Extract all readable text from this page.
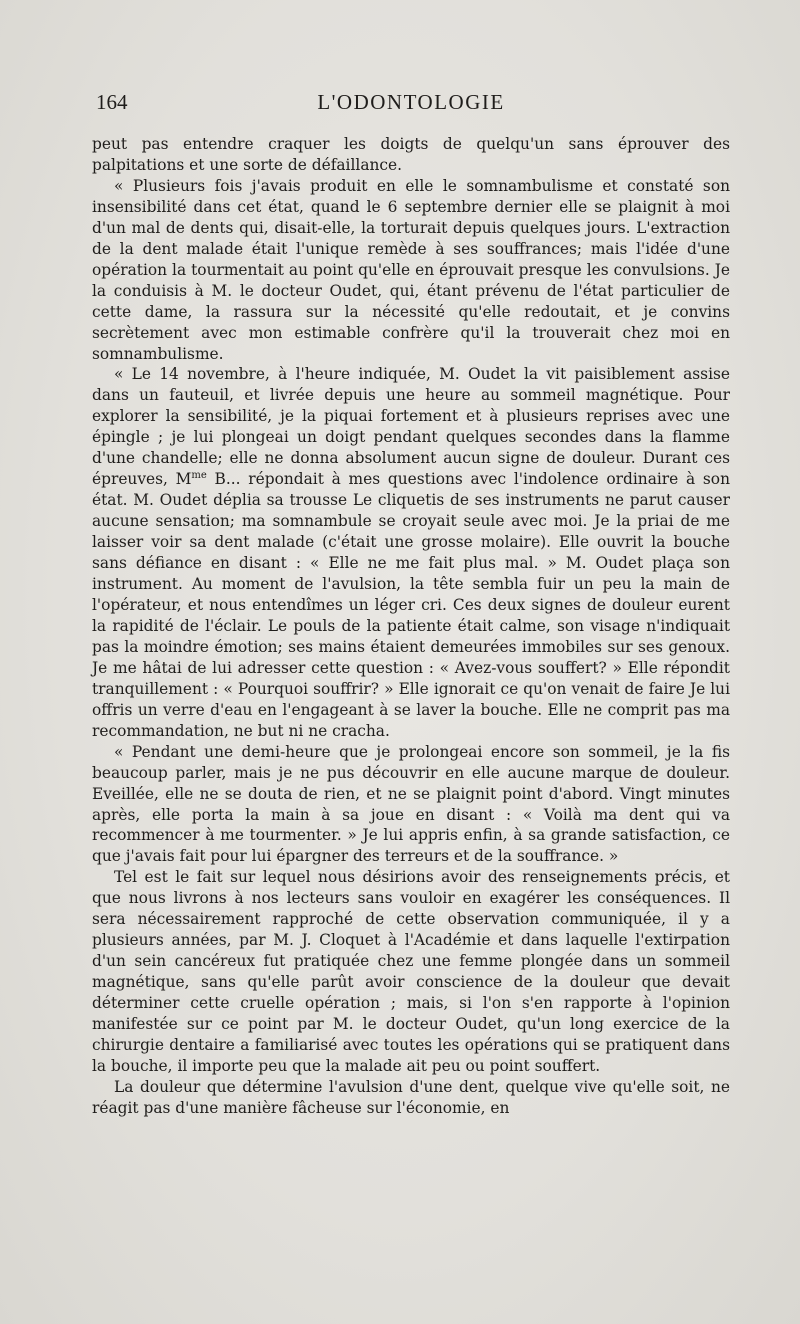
164	L'ODONTOLOGIE

peut pas entendre craquer les doigts de quelqu'un sans éprouver des palpitations et une sorte de défaillance.

« Plusieurs fois j'avais produit en elle le somnambulisme et constaté son insensibilité dans cet état, quand le 6 septembre dernier elle se plaignit à moi d'un mal de dents qui, disait-elle, la torturait depuis quelques jours. L'extraction de la dent malade était l'unique remède à ses souffrances; mais l'idée d'une opération la tourmentait au point qu'elle en éprouvait presque les convulsions. Je la conduisis à M. le docteur Oudet, qui, étant prévenu de l'état particulier de cette dame, la rassura sur la nécessité qu'elle redoutait, et je convins secrètement avec mon estimable confrère qu'il la trouverait chez moi en somnambulisme.

« Le 14 novembre, à l'heure indiquée, M. Oudet la vit paisiblement assise dans un fauteuil, et livrée depuis une heure au sommeil magnétique. Pour explorer la sensibilité, je la piquai fortement et à plusieurs reprises avec une épingle ; je lui plongeai un doigt pendant quelques secondes dans la flamme d'une chandelle; elle ne donna absolument aucun signe de douleur. Durant ces épreuves, $M^{me}$ B... répondait à mes questions avec l'indolence ordinaire à son état. M. Oudet déplia sa trousse Le cliquetis de ses instruments ne parut causer aucune sensation; ma somnambule se croyait seule avec moi. Je la priai de me laisser voir sa dent malade (c'était une grosse molaire). Elle ouvrit la bouche sans défiance en disant : « Elle ne me fait plus mal. » M. Oudet plaça son instrument. Au moment de l'avulsion, la tête sembla fuir un peu la main de l'opérateur, et nous entendîmes un léger cri. Ces deux signes de douleur eurent la rapidité de l'éclair. Le pouls de la patiente était calme, son visage n'indiquait pas la moindre émotion; ses mains étaient demeurées immobiles sur ses genoux. Je me hâtai de lui adresser cette question : « Avez-vous souffert? » Elle répondit tranquillement : « Pourquoi souffrir? » Elle ignorait ce qu'on venait de faire Je lui offris un verre d'eau en l'engageant à se laver la bouche. Elle ne comprit pas ma recommandation, ne but ni ne cracha.

« Pendant une demi-heure que je prolongeai encore son sommeil, je la fis beaucoup parler, mais je ne pus découvrir en elle aucune marque de douleur. Eveillée, elle ne se douta de rien, et ne se plaignit point d'abord. Vingt minutes après, elle porta la main à sa joue en disant : « Voilà ma dent qui va recommencer à me tourmenter. » Je lui appris enfin, à sa grande satisfaction, ce que j'avais fait pour lui épargner des terreurs et de la souffrance. »

Tel est le fait sur lequel nous désirions avoir des renseignements précis, et que nous livrons à nos lecteurs sans vouloir en exagérer les conséquences. Il sera nécessairement rapproché de cette observation communiquée, il y a plusieurs années, par M. J. Cloquet à l'Académie et dans laquelle l'extirpation d'un sein cancéreux fut pratiquée chez une femme plongée dans un sommeil magnétique, sans qu'elle parût avoir conscience de la douleur que devait déterminer cette cruelle opération ; mais, si l'on s'en rapporte à l'opinion manifestée sur ce point par M. le docteur Oudet, qu'un long exercice de la chirurgie dentaire a familiarisé avec toutes les opérations qui se pratiquent dans la bouche, il importe peu que la malade ait peu ou point souffert.

La douleur que détermine l'avulsion d'une dent, quelque vive qu'elle soit, ne réagit pas d'une manière fâcheuse sur l'économie, en
